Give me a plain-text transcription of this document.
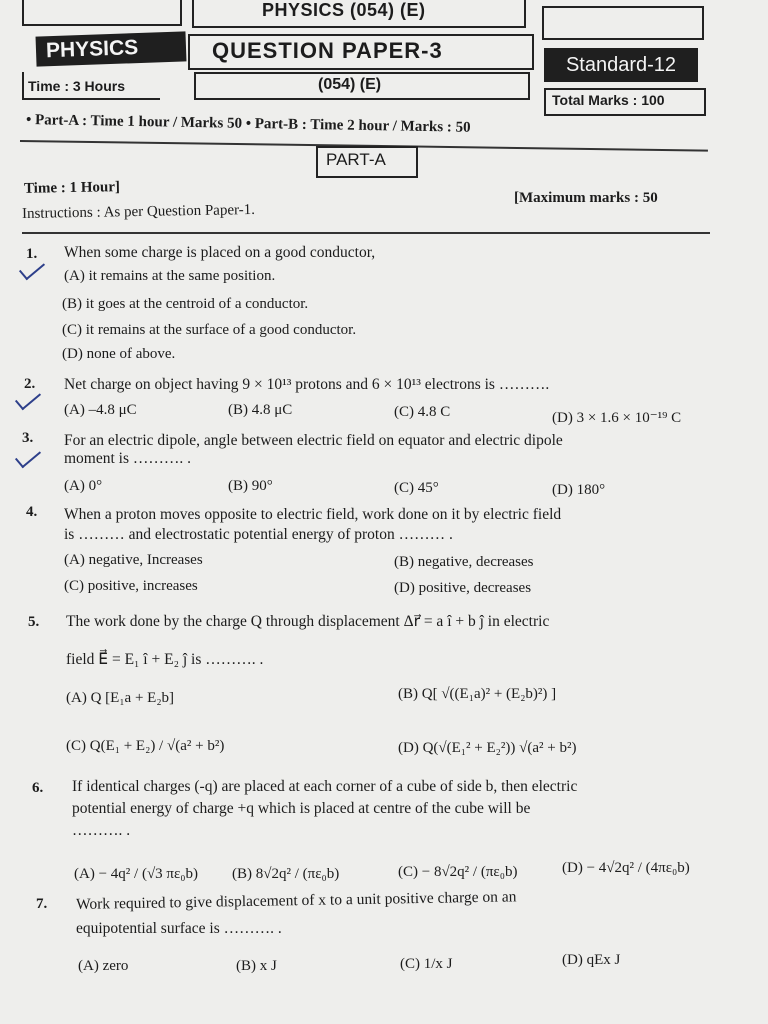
PHYSICS (054) (E)
PHYSICS	QUESTION PAPER-3
Standard-12
Time : 3 Hours	(054) (E)
Total Marks : 100
• Part-A : Time 1 hour / Marks 50 • Part-B : Time 2 hour / Marks : 50
PART-A
Time : 1 Hour]
[Maximum marks : 50
Instructions : As per Question Paper-1.
1. When some charge is placed on a good conductor,
(A) it remains at the same position.
(B) it goes at the centroid of a conductor.
(C) it remains at the surface of a good conductor.
(D) none of above.
2. Net charge on object having 9 × 10¹³ protons and 6 × 10¹³ electrons is ……….
(A) –4.8 μC	(B) 4.8 μC	(C) 4.8 C	(D) 3 × 1.6 × 10⁻¹⁹ C
3. For an electric dipole, angle between electric field on equator and electric dipole
moment is ………. .
(A) 0°	(B) 90°	(C) 45°	(D) 180°
4. When a proton moves opposite to electric field, work done on it by electric field
is ……… and electrostatic potential energy of proton ……… .
(A) negative, Increases	(B) negative, decreases
(C) positive, increases	(D) positive, decreases
5. The work done by the charge Q through displacement Δr⃗ = a î + b ĵ in electric
field E⃗ = E₁ î + E₂ ĵ is ………. .
(A) Q [E₁a + E₂b]	(B) Q[ √((E₁a)² + (E₂b)²) ]
(C) Q(E₁ + E₂) / √(a² + b²)	(D) Q(√(E₁² + E₂²)) √(a² + b²)
6. If identical charges (-q) are placed at each corner of a cube of side b, then electric
potential energy of charge +q which is placed at centre of the cube will be
………. .
(A) − 4q² / (√3 πε₀b) (B) 8√2q² / (πε₀b)	(C) − 8√2q² / (πε₀b)	(D) − 4√2q² / (4πε₀b)
7. Work required to give displacement of x to a unit positive charge on an
equipotential surface is ………. .
(A) zero	(B) x J	(C) 1/x J	(D) qEx J
